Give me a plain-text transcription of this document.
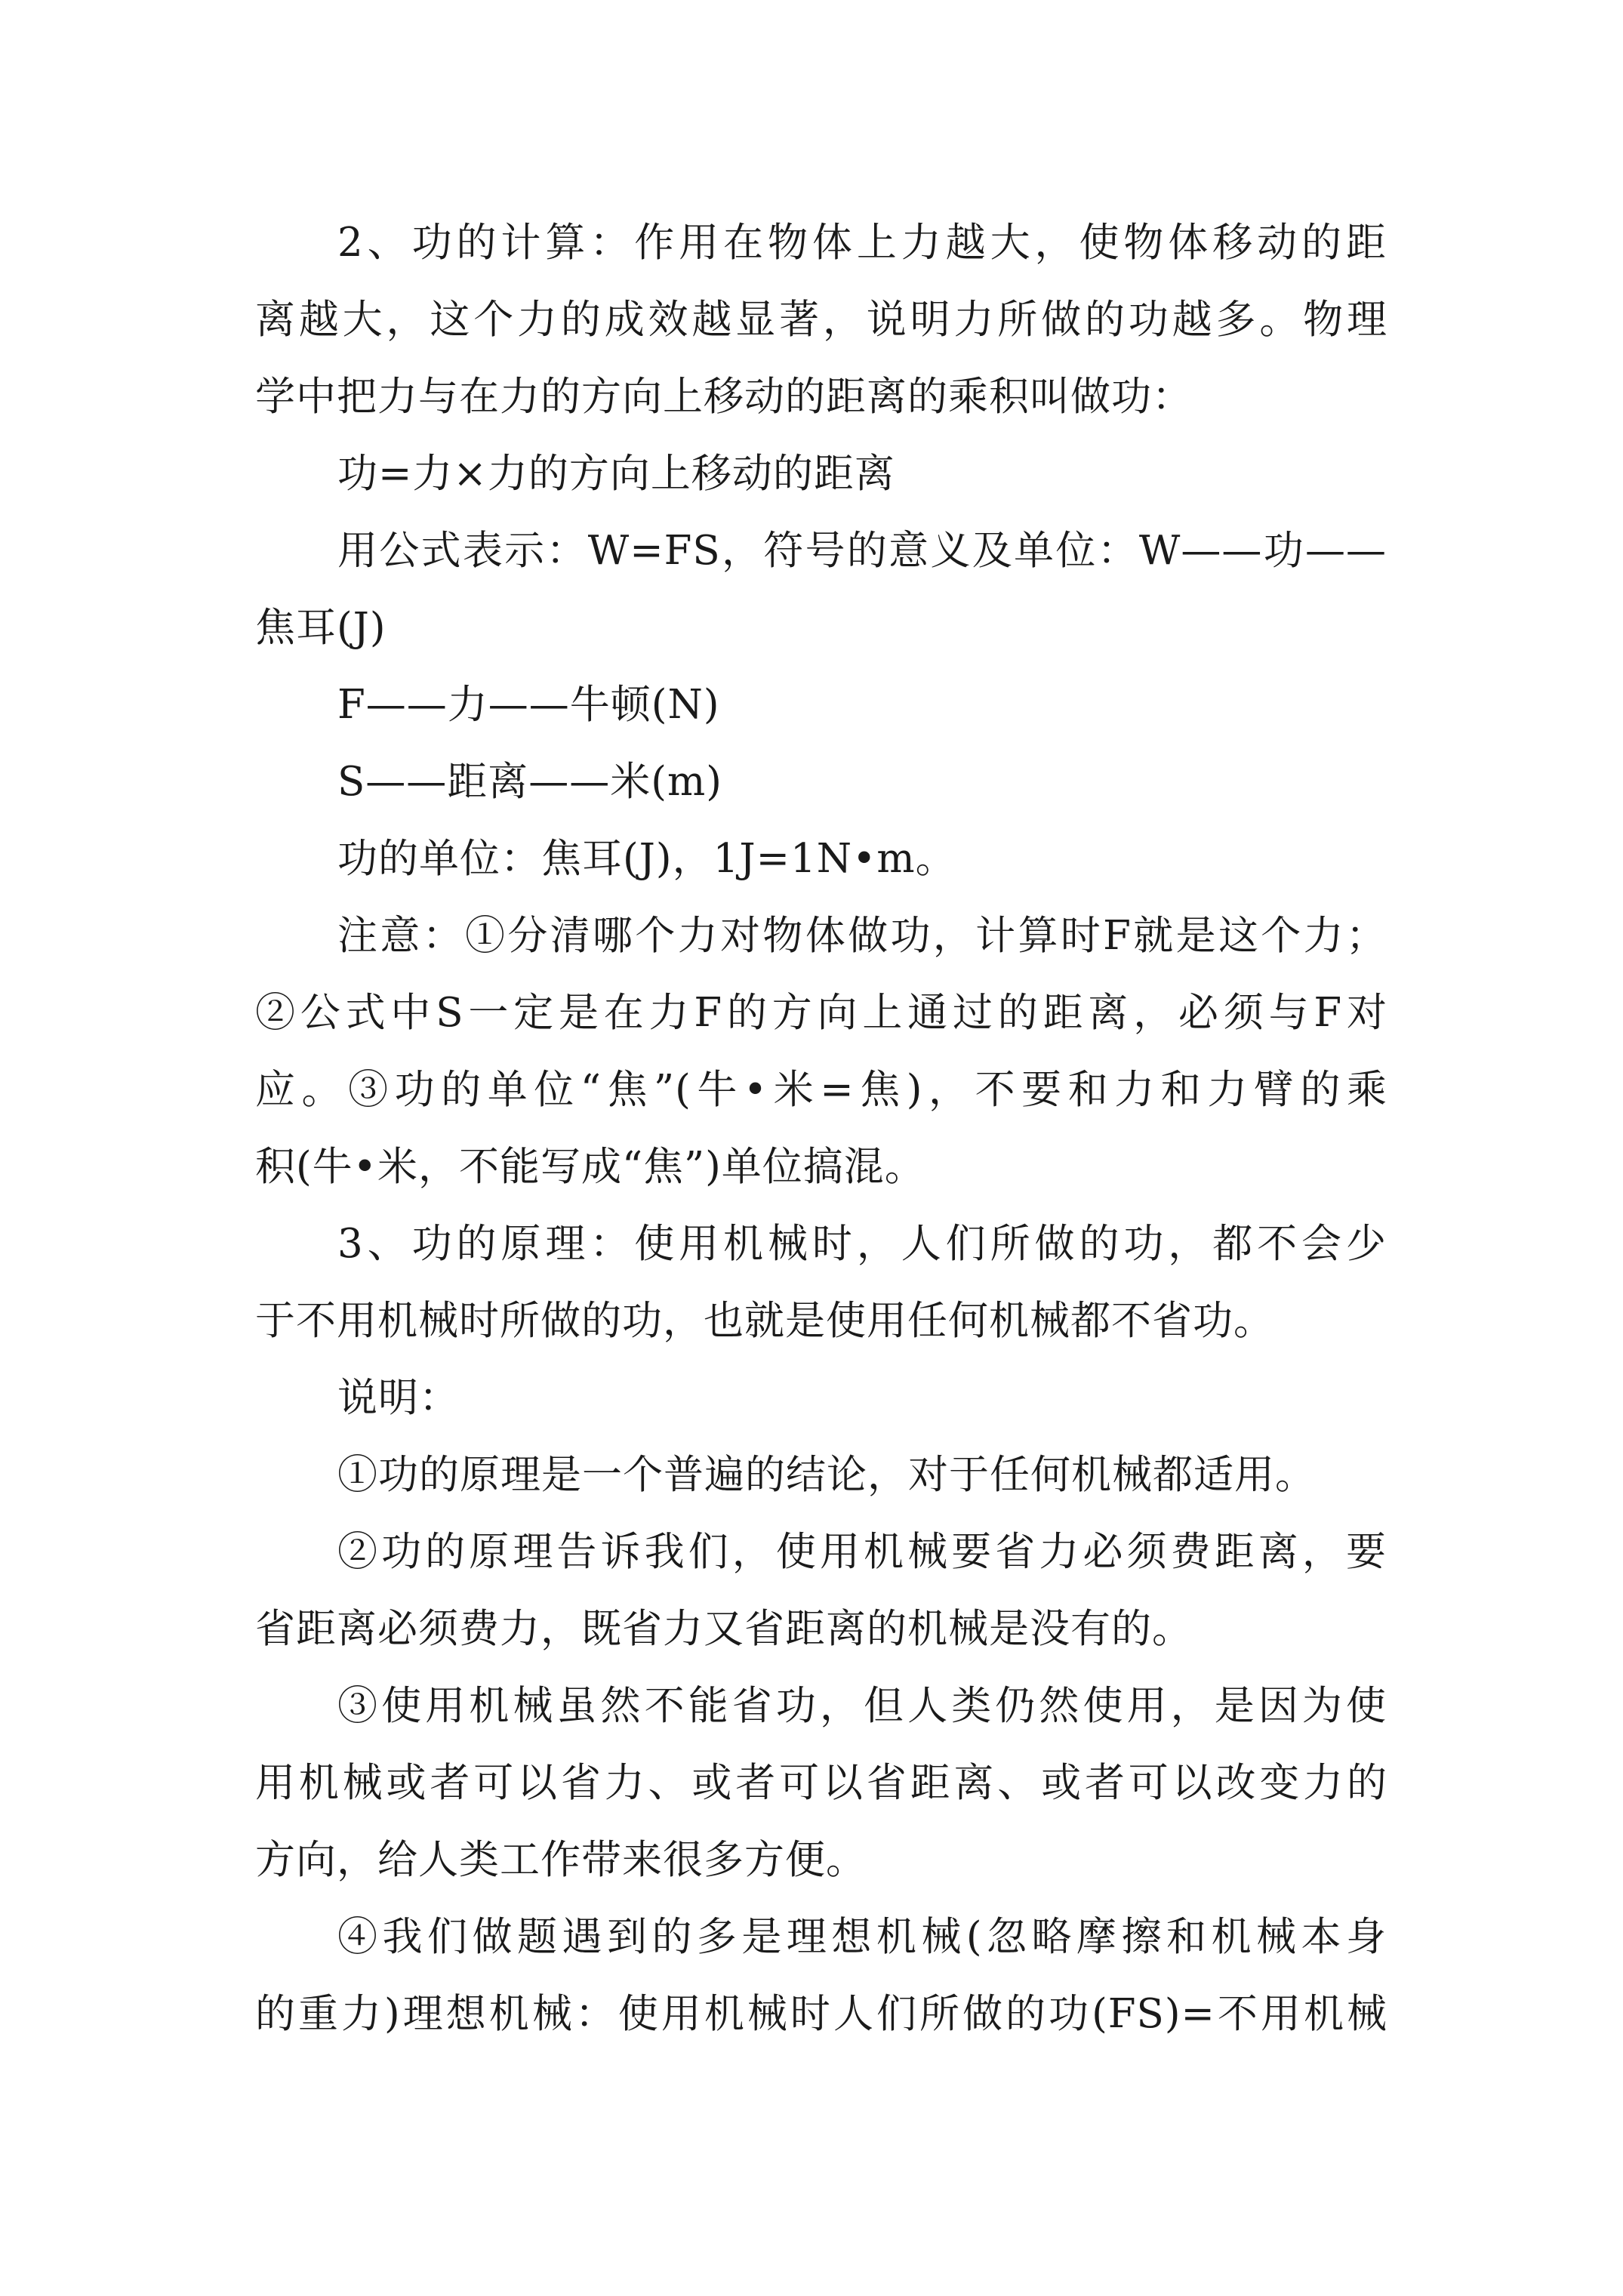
2、功的计算：作用在物体上力越大，使物体移动的距
离越大，这个力的成效越显著，说明力所做的功越多。物理
学中把力与在力的方向上移动的距离的乘积叫做功：
功=力×力的方向上移动的距离
用公式表示：W=FS，符号的意义及单位：W——功——
焦耳(J)
F——力——牛顿(N)
S——距离——米(m)
功的单位：焦耳(J)，1J=1N•m。
注意：①分清哪个力对物体做功，计算时F就是这个力；
②公式中S一定是在力F的方向上通过的距离，必须与F对
应。③功的单位“焦”(牛•米=焦)，不要和力和力臂的乘
积(牛•米，不能写成“焦”)单位搞混。
3、功的原理：使用机械时，人们所做的功，都不会少
于不用机械时所做的功，也就是使用任何机械都不省功。
说明：
①功的原理是一个普遍的结论，对于任何机械都适用。
②功的原理告诉我们，使用机械要省力必须费距离，要
省距离必须费力，既省力又省距离的机械是没有的。
③使用机械虽然不能省功，但人类仍然使用，是因为使
用机械或者可以省力、或者可以省距离、或者可以改变力的
方向，给人类工作带来很多方便。
④我们做题遇到的多是理想机械(忽略摩擦和机械本身
的重力)理想机械：使用机械时人们所做的功(FS)=不用机械
